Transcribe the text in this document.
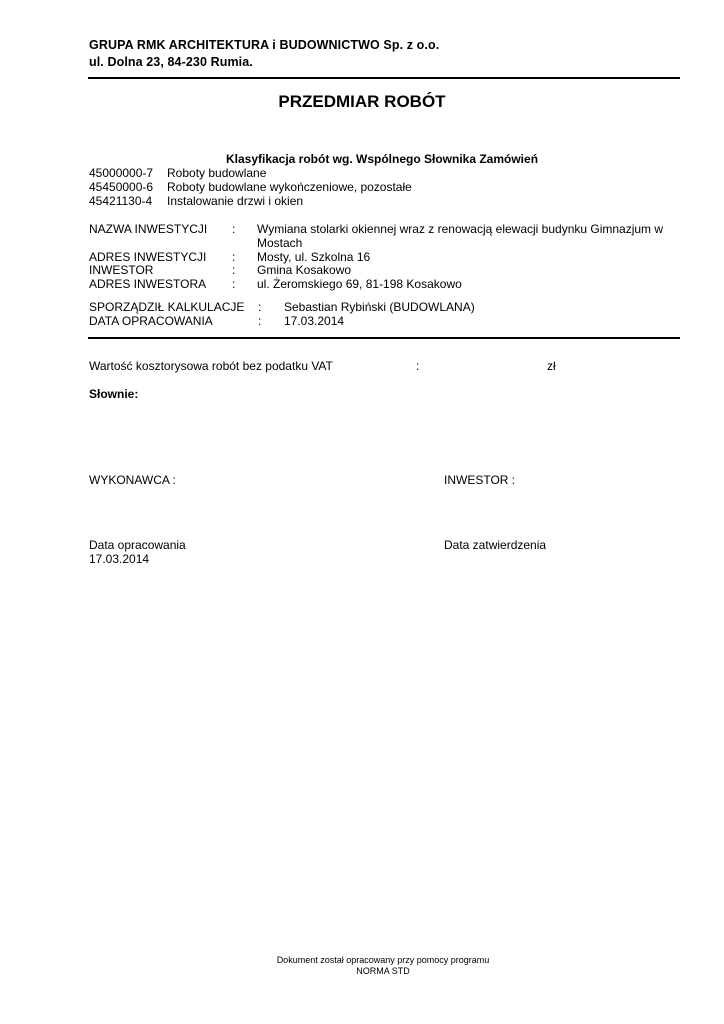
GRUPA RMK ARCHITEKTURA i BUDOWNICTWO Sp. z o.o.
ul. Dolna 23, 84-230 Rumia.
PRZEDMIAR ROBÓT
Klasyfikacja robót wg. Wspólnego Słownika Zamówień
45000000-7 Roboty budowlane
45450000-6 Roboty budowlane wykończeniowe, pozostałe
45421130-4 Instalowanie drzwi i okien
NAZWA INWESTYCJI : Wymiana stolarki okiennej wraz z renowacją elewacji budynku Gimnazjum w
Mostach
ADRES INWESTYCJI : Mosty, ul. Szkolna 16
INWESTOR	: Gmina Kosakowo
ADRES INWESTORA : ul. Żeromskiego 69, 81-198 Kosakowo
SPORZĄDZIŁ KALKULACJE : Sebastian Rybiński (BUDOWLANA)
DATA OPRACOWANIA	: 17.03.2014
Wartość kosztorysowa robót bez podatku VAT	:	zł
Słownie:
WYKONAWCA :	INWESTOR :
Data opracowania
17.03.2014
Data zatwierdzenia
Dokument został opracowany przy pomocy programu
NORMA STD
